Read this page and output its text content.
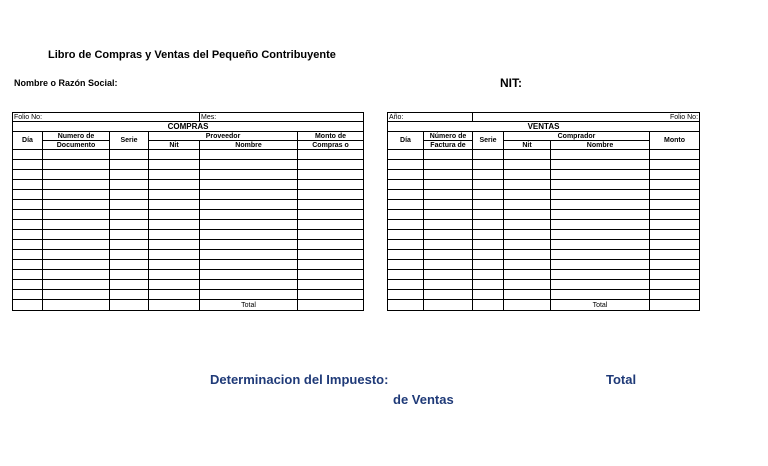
Libro de Compras y Ventas del Pequeño Contribuyente
Nombre o Razón Social:	NIT:
Folio No:				Mes:	
COMPRAS					
Día	Numero de	Serie	Proveedor		Monto de
	Documento		Nit	Nombre	Compras o

				Total	
Año:		Folio No:			
VENTAS					
Día	Número de	Serie	Comprador		Monto
	Factura de		Nit	Nombre	

				Total	
Determinacion del Impuesto:	Total
de Ventas
